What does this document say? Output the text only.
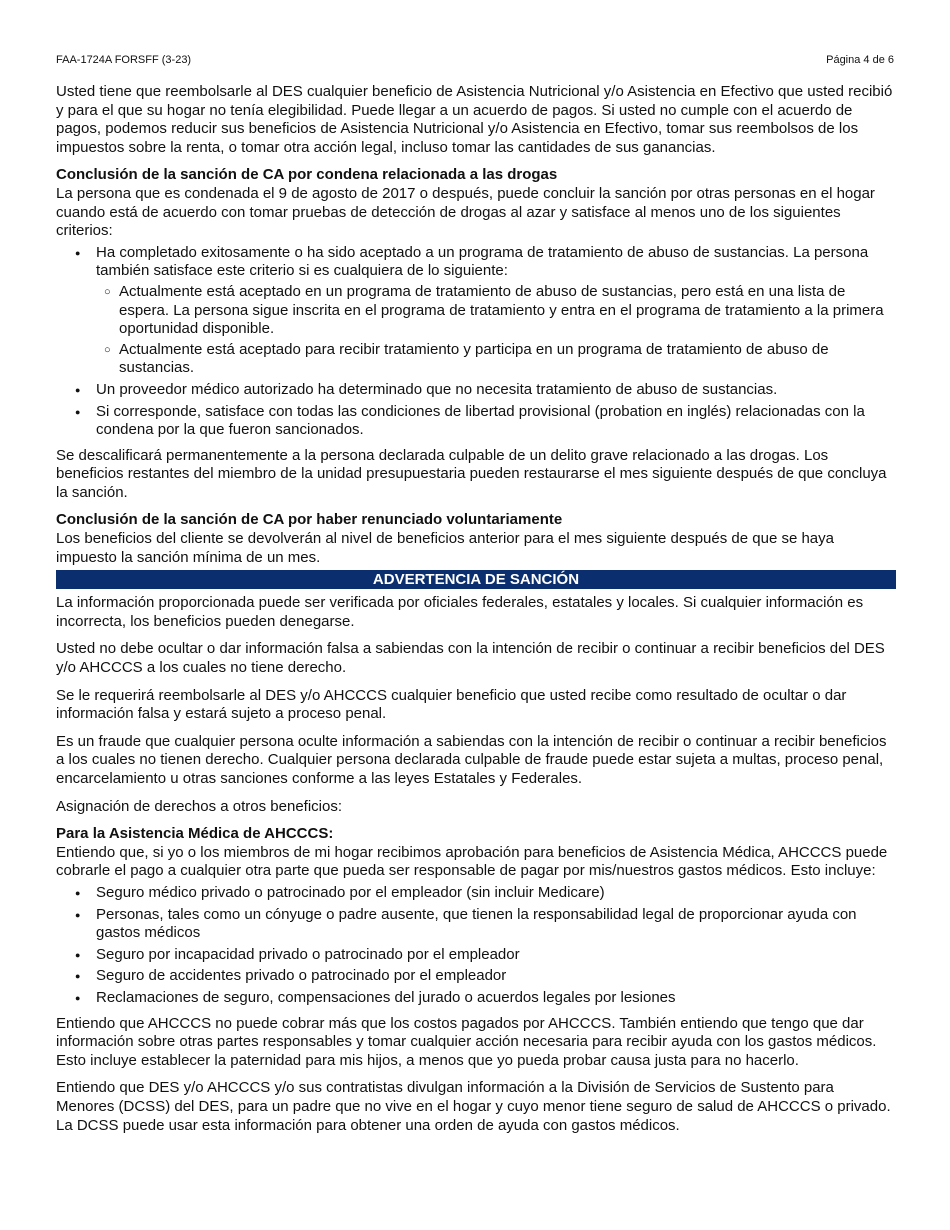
FAA-1724A FORSFF (3-23)	Página 4 de 6

Usted tiene que reembolsarle al DES cualquier beneficio de Asistencia Nutricional y/o Asistencia en Efectivo que usted recibió y para el que su hogar no tenía elegibilidad. Puede llegar a un acuerdo de pagos. Si usted no cumple con el acuerdo de pagos, podemos reducir sus beneficios de Asistencia Nutricional y/o Asistencia en Efectivo, tomar sus reembolsos de los impuestos sobre la renta, o tomar otra acción legal, incluso tomar las cantidades de sus ganancias.

Conclusión de la sanción de CA por condena relacionada a las drogas

La persona que es condenada el 9 de agosto de 2017 o después, puede concluir la sanción por otras personas en el hogar cuando está de acuerdo con tomar pruebas de detección de drogas al azar y satisface al menos uno de los siguientes criterios:

● Ha completado exitosamente o ha sido aceptado a un programa de tratamiento de abuso de sustancias. La persona también satisface este criterio si es cualquiera de lo siguiente:
○ Actualmente está aceptado en un programa de tratamiento de abuso de sustancias, pero está en una lista de espera. La persona sigue inscrita en el programa de tratamiento y entra en el programa de tratamiento a la primera oportunidad disponible.
○ Actualmente está aceptado para recibir tratamiento y participa en un programa de tratamiento de abuso de sustancias.
● Un proveedor médico autorizado ha determinado que no necesita tratamiento de abuso de sustancias.
● Si corresponde, satisface con todas las condiciones de libertad provisional (probation en inglés) relacionadas con la condena por la que fueron sancionados.

Se descalificará permanentemente a la persona declarada culpable de un delito grave relacionado a las drogas. Los beneficios restantes del miembro de la unidad presupuestaria pueden restaurarse el mes siguiente después de que concluya la sanción.

Conclusión de la sanción de CA por haber renunciado voluntariamente

Los beneficios del cliente se devolverán al nivel de beneficios anterior para el mes siguiente después de que se haya impuesto la sanción mínima de un mes.

ADVERTENCIA DE SANCIÓN

La información proporcionada puede ser verificada por oficiales federales, estatales y locales. Si cualquier información es incorrecta, los beneficios pueden denegarse.

Usted no debe ocultar o dar información falsa a sabiendas con la intención de recibir o continuar a recibir beneficios del DES y/o AHCCCS a los cuales no tiene derecho.

Se le requerirá reembolsarle al DES y/o AHCCCS cualquier beneficio que usted recibe como resultado de ocultar o dar información falsa y estará sujeto a proceso penal.

Es un fraude que cualquier persona oculte información a sabiendas con la intención de recibir o continuar a recibir beneficios a los cuales no tienen derecho. Cualquier persona declarada culpable de fraude puede estar sujeta a multas, proceso penal, encarcelamiento u otras sanciones conforme a las leyes Estatales y Federales.

Asignación de derechos a otros beneficios:

Para la Asistencia Médica de AHCCCS:

Entiendo que, si yo o los miembros de mi hogar recibimos aprobación para beneficios de Asistencia Médica, AHCCCS puede cobrarle el pago a cualquier otra parte que pueda ser responsable de pagar por mis/nuestros gastos médicos. Esto incluye:

● Seguro médico privado o patrocinado por el empleador (sin incluir Medicare)
● Personas, tales como un cónyuge o padre ausente, que tienen la responsabilidad legal de proporcionar ayuda con gastos médicos
● Seguro por incapacidad privado o patrocinado por el empleador
● Seguro de accidentes privado o patrocinado por el empleador
● Reclamaciones de seguro, compensaciones del jurado o acuerdos legales por lesiones

Entiendo que AHCCCS no puede cobrar más que los costos pagados por AHCCCS. También entiendo que tengo que dar información sobre otras partes responsables y tomar cualquier acción necesaria para recibir ayuda con los gastos médicos. Esto incluye establecer la paternidad para mis hijos, a menos que yo pueda probar causa justa para no hacerlo.

Entiendo que DES y/o AHCCCS y/o sus contratistas divulgan información a la División de Servicios de Sustento para Menores (DCSS) del DES, para un padre que no vive en el hogar y cuyo menor tiene seguro de salud de AHCCCS o privado. La DCSS puede usar esta información para obtener una orden de ayuda con gastos médicos.
